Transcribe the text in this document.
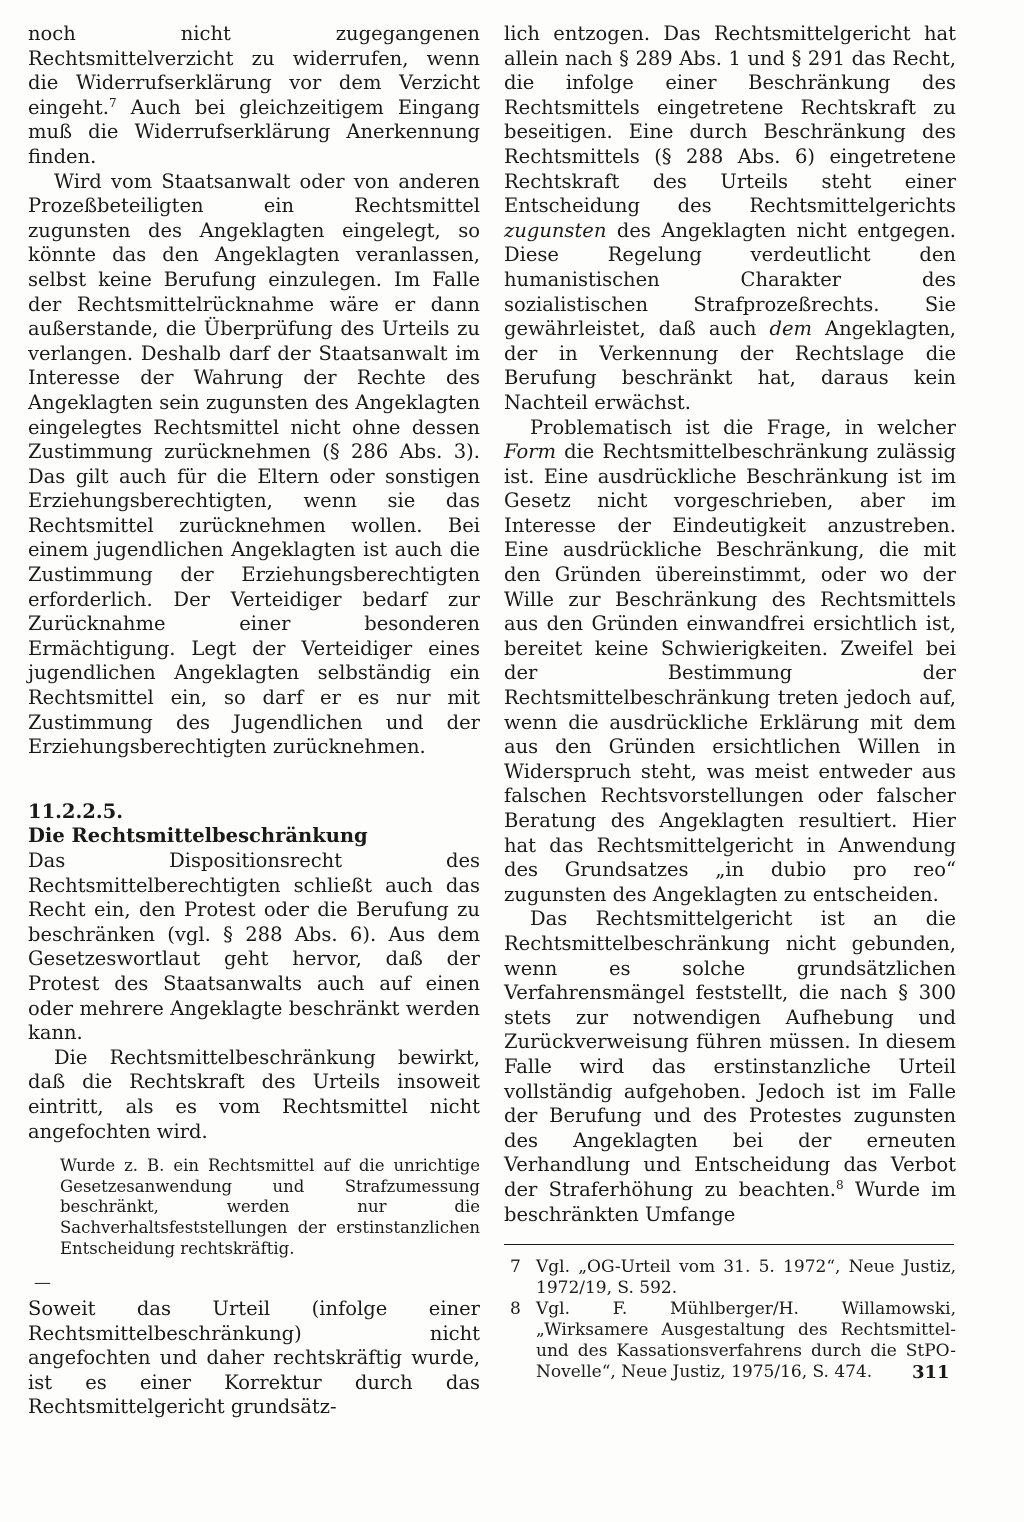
noch nicht zugegangenen Rechtsmittelverzicht zu widerrufen, wenn die Widerrufserklärung vor dem Verzicht eingeht.$^7$ Auch bei gleichzeitigem Eingang muß die Widerrufserklärung Anerkennung finden.

Wird vom Staatsanwalt oder von anderen Prozeßbeteiligten ein Rechtsmittel zugunsten des Angeklagten eingelegt, so könnte das den Angeklagten veranlassen, selbst keine Berufung einzulegen. Im Falle der Rechtsmittelrücknahme wäre er dann außerstande, die Überprüfung des Urteils zu verlangen. Deshalb darf der Staatsanwalt im Interesse der Wahrung der Rechte des Angeklagten sein zugunsten des Angeklagten eingelegtes Rechtsmittel nicht ohne dessen Zustimmung zurücknehmen (§ 286 Abs. 3). Das gilt auch für die Eltern oder sonstigen Erziehungsberechtigten, wenn sie das Rechtsmittel zurücknehmen wollen. Bei einem jugendlichen Angeklagten ist auch die Zustimmung der Erziehungsberechtigten erforderlich. Der Verteidiger bedarf zur Zurücknahme einer besonderen Ermächtigung. Legt der Verteidiger eines jugendlichen Angeklagten selbständig ein Rechtsmittel ein, so darf er es nur mit Zustimmung des Jugendlichen und der Erziehungsberechtigten zurücknehmen.

11.2.2.5.

Die Rechtsmittelbeschränkung

Das Dispositionsrecht des Rechtsmittelberechtigten schließt auch das Recht ein, den Protest oder die Berufung zu beschränken (vgl. § 288 Abs. 6). Aus dem Gesetzeswortlaut geht hervor, daß der Protest des Staatsanwalts auch auf einen oder mehrere Angeklagte beschränkt werden kann.

Die Rechtsmittelbeschränkung bewirkt, daß die Rechtskraft des Urteils insoweit eintritt, als es vom Rechtsmittel nicht angefochten wird.

Wurde z. B. ein Rechtsmittel auf die unrichtige Gesetzesanwendung und Strafzumessung beschränkt, werden nur die Sachverhaltsfeststellungen der erstinstanzlichen Entscheidung rechtskräftig.
—

Soweit das Urteil (infolge einer Rechtsmittelbeschränkung) nicht angefochten und daher rechtskräftig wurde, ist es einer Korrektur durch das Rechtsmittelgericht grundsätz-

lich entzogen. Das Rechtsmittelgericht hat allein nach § 289 Abs. 1 und § 291 das Recht, die infolge einer Beschränkung des Rechtsmittels eingetretene Rechtskraft zu beseitigen. Eine durch Beschränkung des Rechtsmittels (§ 288 Abs. 6) eingetretene Rechtskraft des Urteils steht einer Entscheidung des Rechtsmittelgerichts zugunsten des Angeklagten nicht entgegen. Diese Regelung verdeutlicht den humanistischen Charakter des sozialistischen Strafprozeßrechts. Sie gewährleistet, daß auch dem Angeklagten, der in Verkennung der Rechtslage die Berufung beschränkt hat, daraus kein Nachteil erwächst.

Problematisch ist die Frage, in welcher Form die Rechtsmittelbeschränkung zulässig ist. Eine ausdrückliche Beschränkung ist im Gesetz nicht vorgeschrieben, aber im Interesse der Eindeutigkeit anzustreben. Eine ausdrückliche Beschränkung, die mit den Gründen übereinstimmt, oder wo der Wille zur Beschränkung des Rechtsmittels aus den Gründen einwandfrei ersichtlich ist, bereitet keine Schwierigkeiten. Zweifel bei der Bestimmung der Rechtsmittelbeschränkung treten jedoch auf, wenn die ausdrückliche Erklärung mit dem aus den Gründen ersichtlichen Willen in Widerspruch steht, was meist entweder aus falschen Rechtsvorstellungen oder falscher Beratung des Angeklagten resultiert. Hier hat das Rechtsmittelgericht in Anwendung des Grundsatzes „in dubio pro reo“ zugunsten des Angeklagten zu entscheiden.

Das Rechtsmittelgericht ist an die Rechtsmittelbeschränkung nicht gebunden, wenn es solche grundsätzlichen Verfahrensmängel feststellt, die nach § 300 stets zur notwendigen Aufhebung und Zurückverweisung führen müssen. In diesem Falle wird das erstinstanzliche Urteil vollständig aufgehoben. Jedoch ist im Falle der Berufung und des Protestes zugunsten des Angeklagten bei der erneuten Verhandlung und Entscheidung das Verbot der Straferhöhung zu beachten.$^8$ Wurde im beschränkten Umfange

7 Vgl. „OG-Urteil vom 31. 5. 1972“, Neue Justiz, 1972/19, S. 592.
8 Vgl. F. Mühlberger/H. Willamowski, „Wirksamere Ausgestaltung des Rechtsmittel- und des Kassationsverfahrens durch die StPO-Novelle“, Neue Justiz, 1975/16, S. 474.	311
